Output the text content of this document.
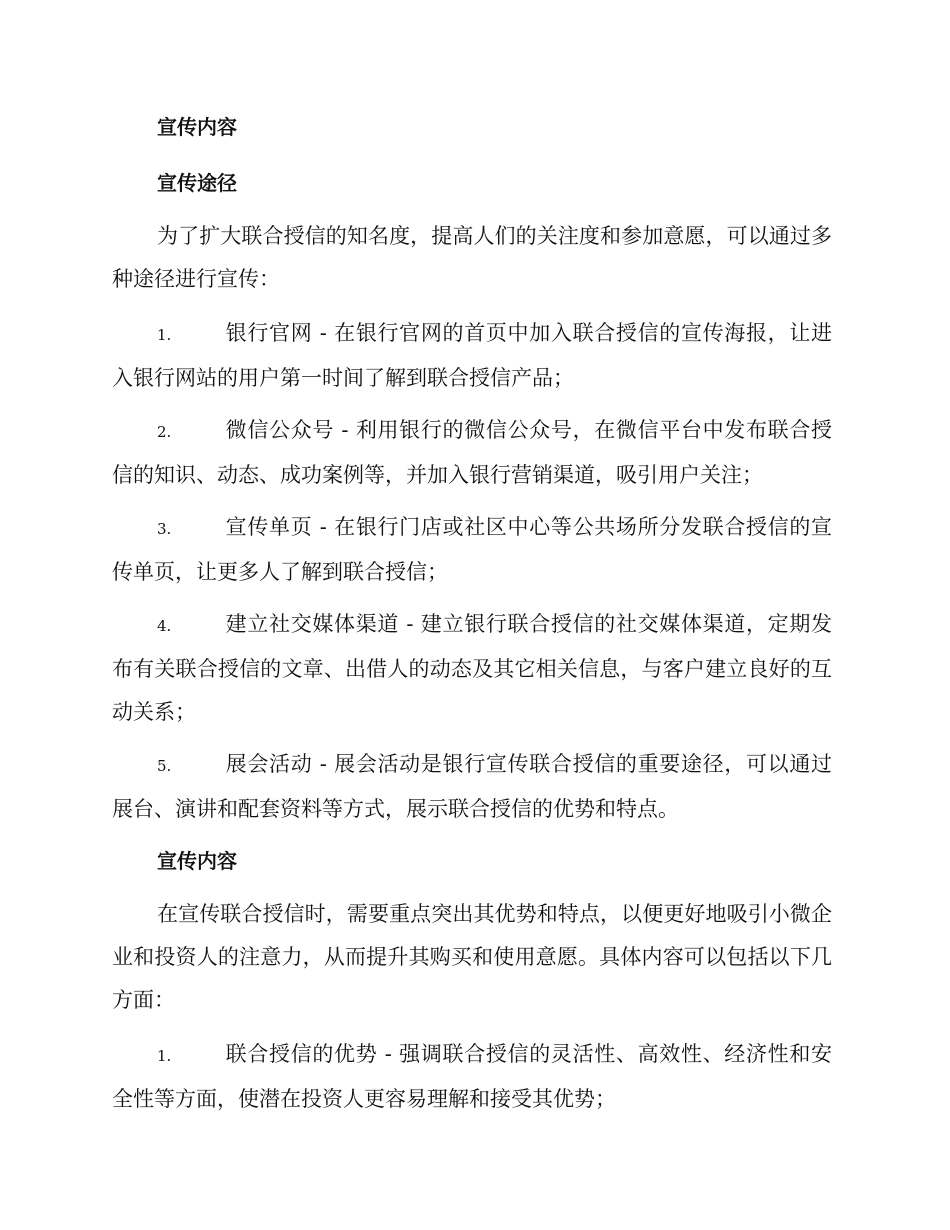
宣传内容
宣传途径
为了扩大联合授信的知名度，提高人们的关注度和参加意愿，可以通过多种途径进行宣传：
1.	银行官网 - 在银行官网的首页中加入联合授信的宣传海报，让进入银行网站的用户第一时间了解到联合授信产品；
2.	微信公众号 - 利用银行的微信公众号，在微信平台中发布联合授信的知识、动态、成功案例等，并加入银行营销渠道，吸引用户关注；
3.	宣传单页 - 在银行门店或社区中心等公共场所分发联合授信的宣传单页，让更多人了解到联合授信；
4.	建立社交媒体渠道 - 建立银行联合授信的社交媒体渠道，定期发布有关联合授信的文章、出借人的动态及其它相关信息，与客户建立良好的互动关系；
5.	展会活动 - 展会活动是银行宣传联合授信的重要途径，可以通过展台、演讲和配套资料等方式，展示联合授信的优势和特点。
宣传内容
在宣传联合授信时，需要重点突出其优势和特点，以便更好地吸引小微企业和投资人的注意力，从而提升其购买和使用意愿。具体内容可以包括以下几方面：
1.	联合授信的优势 - 强调联合授信的灵活性、高效性、经济性和安全性等方面，使潜在投资人更容易理解和接受其优势；
